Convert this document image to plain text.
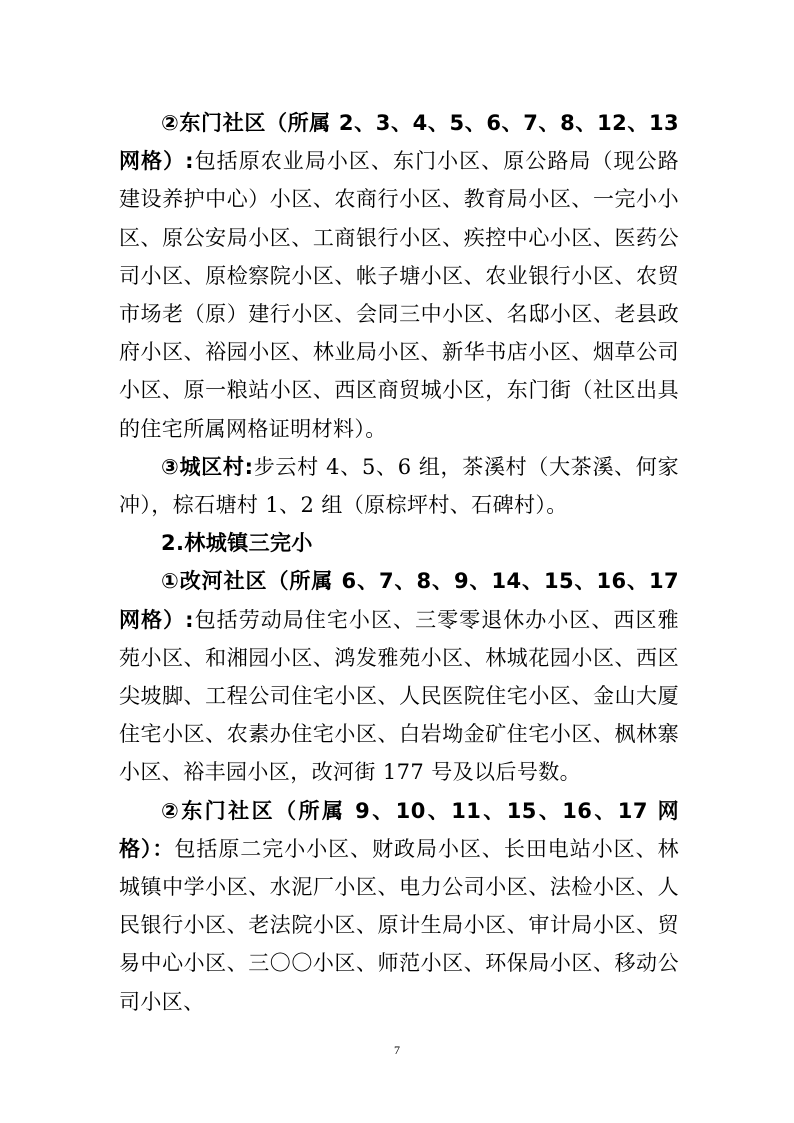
②东门社区（所属 2、3、4、5、6、7、8、12、13 网格）:包括原农业局小区、东门小区、原公路局（现公路建设养护中心）小区、农商行小区、教育局小区、一完小小区、原公安局小区、工商银行小区、疾控中心小区、医药公司小区、原检察院小区、帐子塘小区、农业银行小区、农贸市场老（原）建行小区、会同三中小区、名邸小区、老县政府小区、裕园小区、林业局小区、新华书店小区、烟草公司小区、原一粮站小区、西区商贸城小区，东门街（社区出具的住宅所属网格证明材料）。

③城区村:步云村 4、5、6 组，茶溪村（大茶溪、何家冲），棕石塘村 1、2 组（原棕坪村、石碑村）。

2.林城镇三完小

①改河社区（所属 6、7、8、9、14、15、16、17 网格）:包括劳动局住宅小区、三零零退休办小区、西区雅苑小区、和湘园小区、鸿发雅苑小区、林城花园小区、西区尖坡脚、工程公司住宅小区、人民医院住宅小区、金山大厦住宅小区、农素办住宅小区、白岩坳金矿住宅小区、枫林寨小区、裕丰园小区，改河街 177 号及以后号数。

②东门社区（所属 9、10、11、15、16、17 网格）：包括原二完小小区、财政局小区、长田电站小区、林城镇中学小区、水泥厂小区、电力公司小区、法检小区、人民银行小区、老法院小区、原计生局小区、审计局小区、贸易中心小区、三〇〇小区、师范小区、环保局小区、移动公司小区、

7
